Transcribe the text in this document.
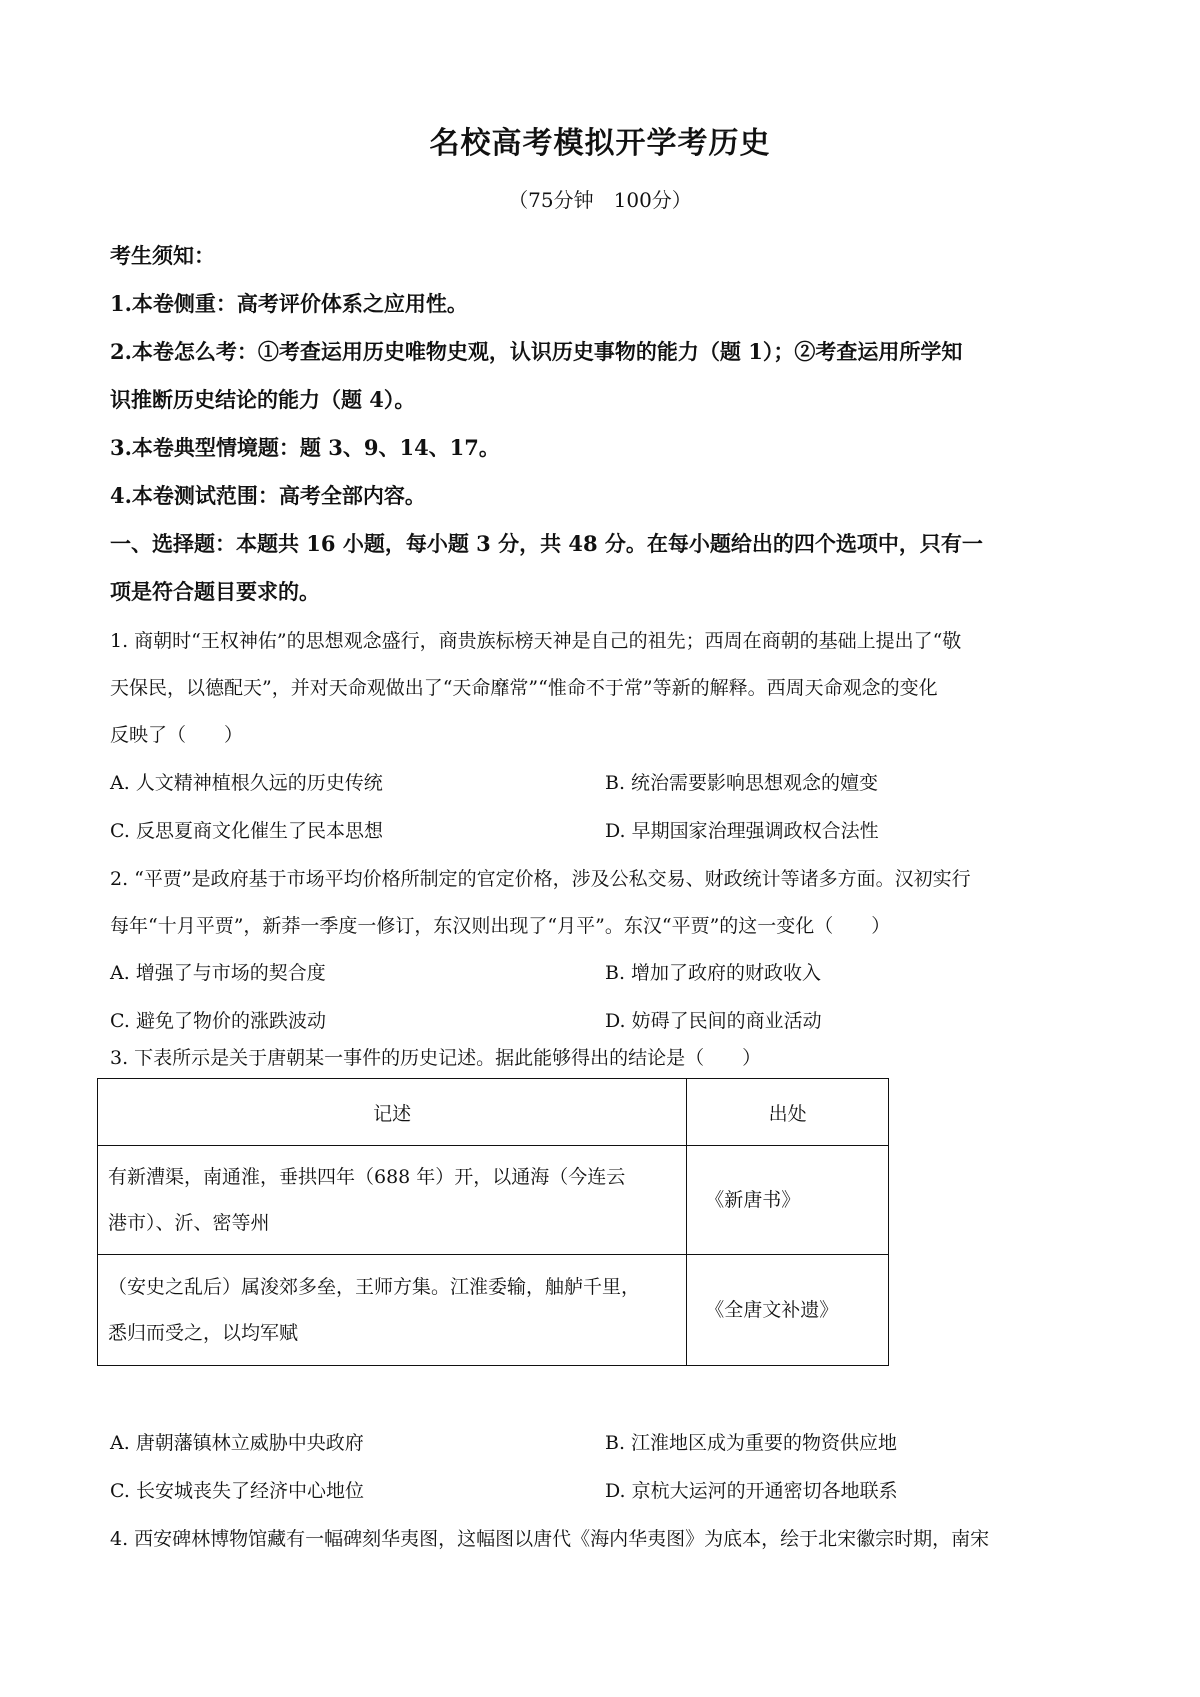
名校高考模拟开学考历史
（75分钟　100分）
考生须知：
1.本卷侧重：高考评价体系之应用性。
2.本卷怎么考：①考查运用历史唯物史观，认识历史事物的能力（题 1）；②考查运用所学知
识推断历史结论的能力（题 4）。
3.本卷典型情境题：题 3、9、14、17。
4.本卷测试范围：高考全部内容。
一、选择题：本题共 16 小题，每小题 3 分，共 48 分。在每小题给出的四个选项中，只有一
项是符合题目要求的。
1. 商朝时“王权神佑”的思想观念盛行，商贵族标榜天神是自己的祖先；西周在商朝的基础上提出了“敬
天保民，以德配天”，并对天命观做出了“天命靡常”“惟命不于常”等新的解释。西周天命观念的变化
反映了（　　）
A. 人文精神植根久远的历史传统	B. 统治需要影响思想观念的嬗变
C. 反思夏商文化催生了民本思想	D. 早期国家治理强调政权合法性
2. “平贾”是政府基于市场平均价格所制定的官定价格，涉及公私交易、财政统计等诸多方面。汉初实行
每年“十月平贾”，新莽一季度一修订，东汉则出现了“月平”。东汉“平贾”的这一变化（　　）
A. 增强了与市场的契合度	B. 增加了政府的财政收入
C. 避免了物价的涨跌波动	D. 妨碍了民间的商业活动
3. 下表所示是关于唐朝某一事件的历史记述。据此能够得出的结论是（　　）
记述	出处

有新漕渠，南通淮，垂拱四年（688 年）开，以通海（今连云
港市）、沂、密等州	《新唐书》

（安史之乱后）属浚郊多垒，王师方集。江淮委输，舳舻千里，
悉归而受之，以均军赋	《全唐文补遗》
A. 唐朝藩镇林立威胁中央政府	B. 江淮地区成为重要的物资供应地
C. 长安城丧失了经济中心地位	D. 京杭大运河的开通密切各地联系
4. 西安碑林博物馆藏有一幅碑刻华夷图，这幅图以唐代《海内华夷图》为底本，绘于北宋徽宗时期，南宋
